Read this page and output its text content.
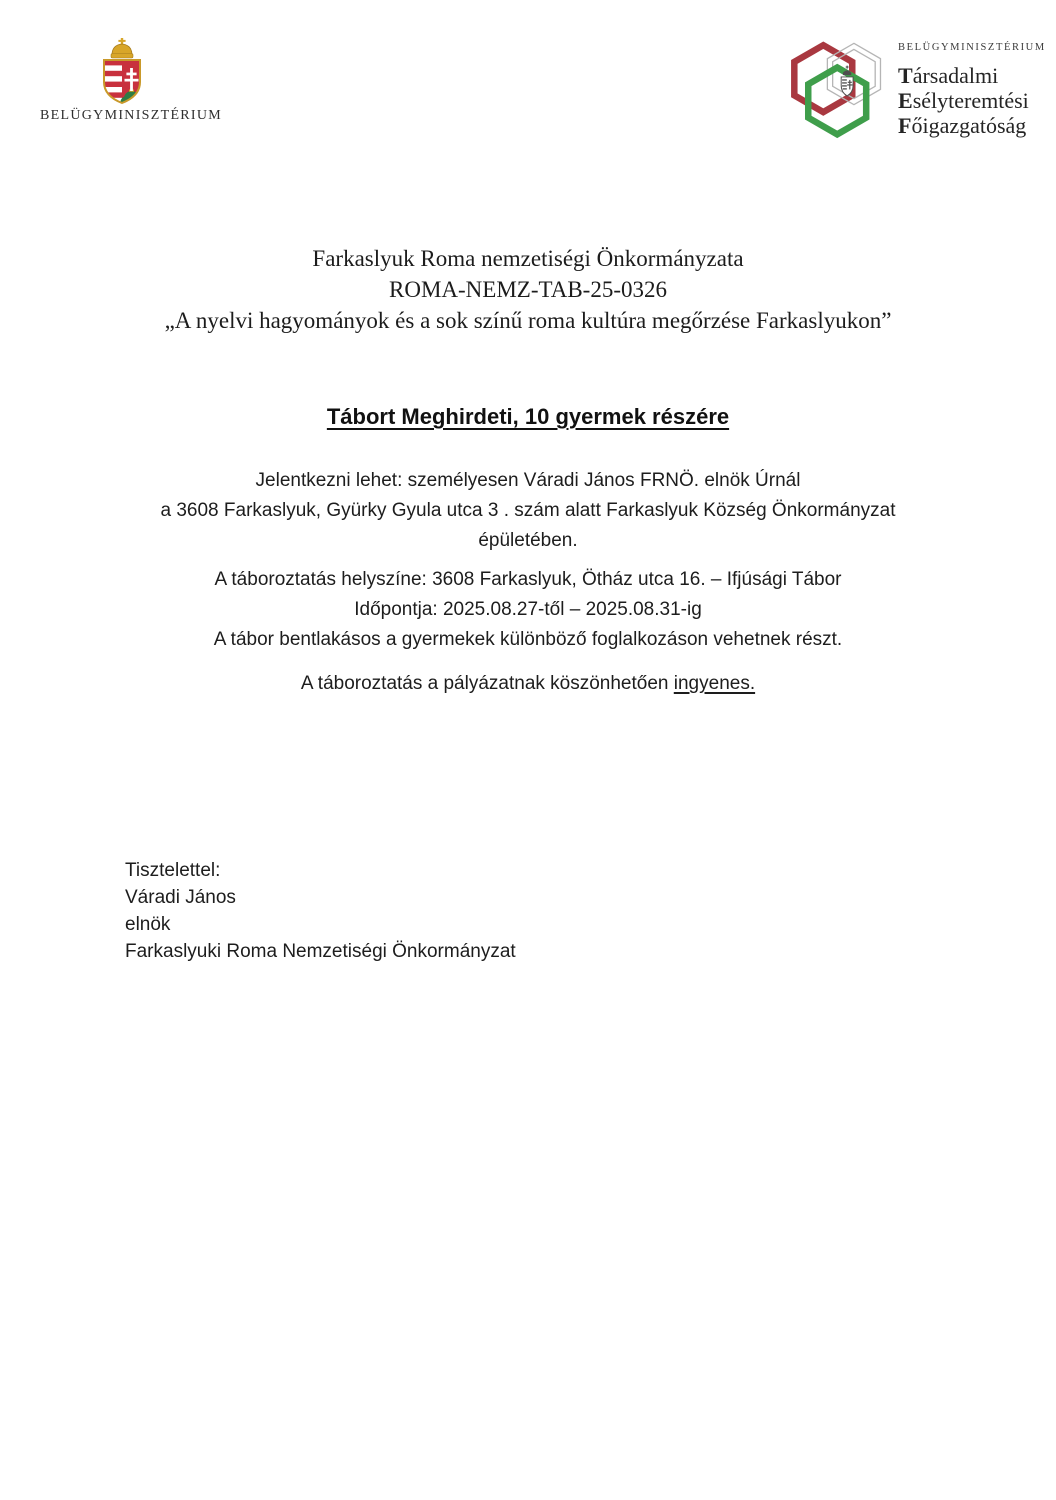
BELÜGYMINISZTÉRIUM
BELÜGYMINISZTÉRIUM
Társadalmi
Esélyteremtési
Főigazgatóság
Farkaslyuk Roma nemzetiségi Önkormányzata
ROMA-NEMZ-TAB-25-0326
„A nyelvi hagyományok és a sok színű roma kultúra megőrzése Farkaslyukon”
Tábort Meghirdeti, 10 gyermek részére
Jelentkezni lehet: személyesen Váradi János FRNÖ. elnök Úrnál
a 3608 Farkaslyuk, Gyürky Gyula utca 3 . szám alatt Farkaslyuk Község Önkormányzat
épületében.
A táboroztatás helyszíne: 3608 Farkaslyuk, Ötház utca 16. – Ifjúsági Tábor
Időpontja: 2025.08.27-től – 2025.08.31-ig
A tábor bentlakásos a gyermekek különböző foglalkozáson vehetnek részt.
A táboroztatás a pályázatnak köszönhetően ingyenes.
Tisztelettel:
Váradi János
elnök
Farkaslyuki Roma Nemzetiségi Önkormányzat
